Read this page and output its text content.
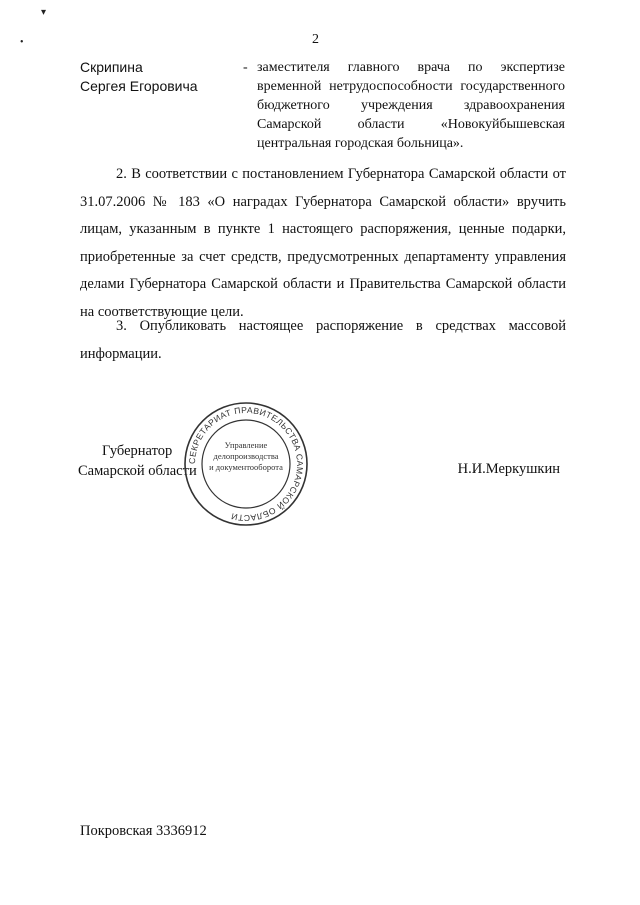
▾
•	2
Скрипина
Сергея Егоровича
- заместителя главного врача по экспертизе временной нетрудоспособности государственного бюджетного учреждения здравоохранения Самарской области «Новокуйбышевская центральная городская больница».

2. В соответствии с постановлением Губернатора Самарской области от 31.07.2006 № 183 «О наградах Губернатора Самарской области» вручить лицам, указанным в пункте 1 настоящего распоряжения, ценные подарки, приобретенные за счет средств, предусмотренных департаменту управления делами Губернатора Самарской области и Правительства Самарской области на соответствующие цели.

3. Опубликовать настоящее распоряжение в средствах массовой информации.

Губернатор
Самарской области
СЕКРЕТАРИАТ ПРАВИТЕЛЬСТВА САМАРСКОЙ ОБЛАСТИ
Управление
делопроизводства
и документооборота	Н.И.Меркушкин
Покровская 3336912
